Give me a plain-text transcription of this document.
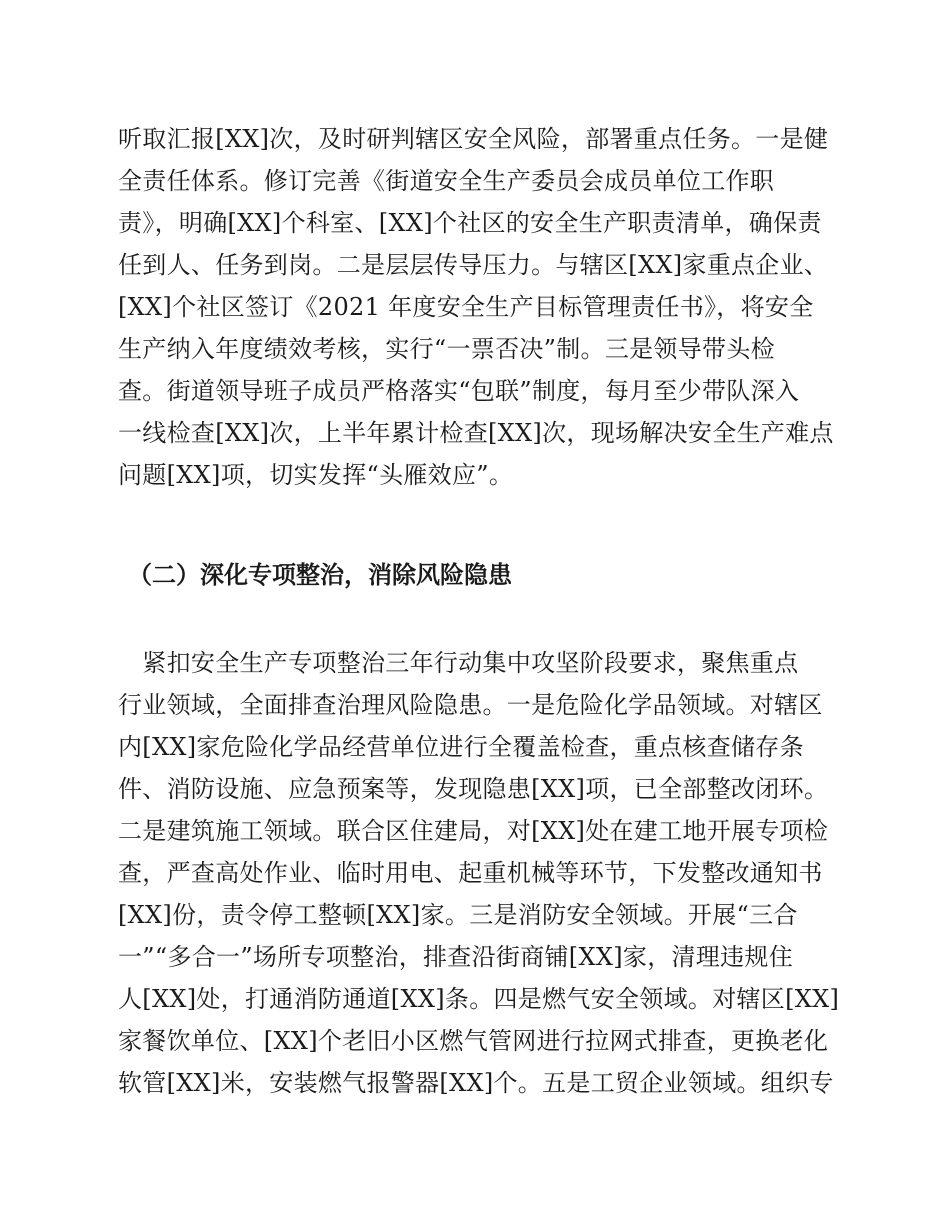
听取汇报[XX]次，及时研判辖区安全风险，部署重点任务。一是健
全责任体系。修订完善《街道安全生产委员会成员单位工作职
责》，明确[XX]个科室、[XX]个社区的安全生产职责清单，确保责
任到人、任务到岗。二是层层传导压力。与辖区[XX]家重点企业、
[XX]个社区签订《2021 年度安全生产目标管理责任书》，将安全
生产纳入年度绩效考核，实行“一票否决”制。三是领导带头检
查。街道领导班子成员严格落实“包联”制度，每月至少带队深入
一线检查[XX]次，上半年累计检查[XX]次，现场解决安全生产难点
问题[XX]项，切实发挥“头雁效应”。
（二）深化专项整治，消除风险隐患
　紧扣安全生产专项整治三年行动集中攻坚阶段要求，聚焦重点
行业领域，全面排查治理风险隐患。一是危险化学品领域。对辖区
内[XX]家危险化学品经营单位进行全覆盖检查，重点核查储存条
件、消防设施、应急预案等，发现隐患[XX]项，已全部整改闭环。
二是建筑施工领域。联合区住建局，对[XX]处在建工地开展专项检
查，严查高处作业、临时用电、起重机械等环节，下发整改通知书
[XX]份，责令停工整顿[XX]家。三是消防安全领域。开展“三合
一”“多合一”场所专项整治，排查沿街商铺[XX]家，清理违规住
人[XX]处，打通消防通道[XX]条。四是燃气安全领域。对辖区[XX]
家餐饮单位、[XX]个老旧小区燃气管网进行拉网式排查，更换老化
软管[XX]米，安装燃气报警器[XX]个。五是工贸企业领域。组织专
